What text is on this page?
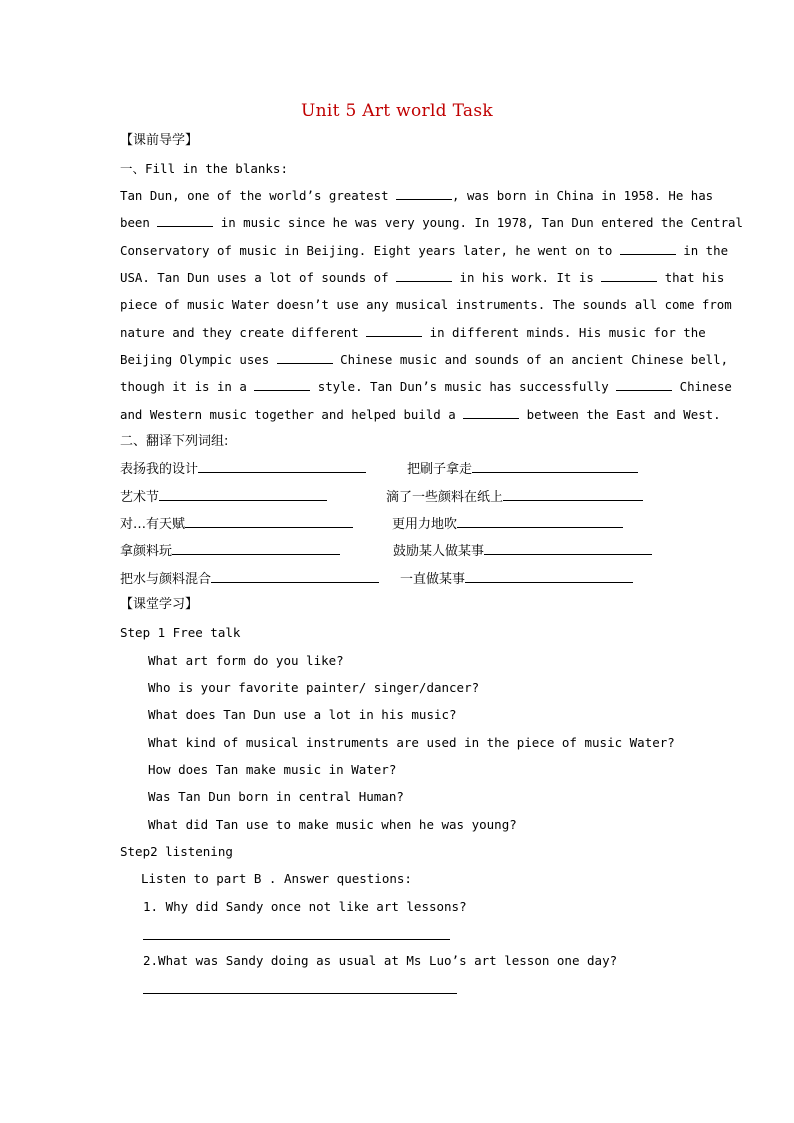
Unit 5 Art world Task
【课前导学】
一、Fill in the blanks:
Tan Dun, one of the world’s greatest	, was born in China in 1958. He has
been	in music since he was very young. In 1978, Tan Dun entered the Central
Conservatory of music in Beijing. Eight years later, he went on to	in the
USA. Tan Dun uses a lot of sounds of	in his work. It is	that his
piece of music Water doesn’t use any musical instruments. The sounds all come from
nature and they create different	in different minds. His music for the
Beijing Olympic uses	Chinese music and sounds of an ancient Chinese bell,
though it is in a	style. Tan Dun’s music has successfully	Chinese
and Western music together and helped build a	between the East and West.
二、翻译下列词组:
表扬我的设计	把刷子拿走
艺术节	滴了一些颜料在纸上
对…有天赋	更用力地吹
拿颜料玩	鼓励某人做某事
把水与颜料混合	一直做某事
【课堂学习】
Step 1 Free talk
What art form do you like?
Who is your favorite painter/ singer/dancer?
What does Tan Dun use a lot in his music?
What kind of musical instruments are used in the piece of music Water?
How does Tan make music in Water?
Was Tan Dun born in central Human?
What did Tan use to make music when he was young?
Step2 listening
Listen to part B . Answer questions:
1. Why did Sandy once not like art lessons?
2.What was Sandy doing as usual at Ms Luo’s art lesson one day?
